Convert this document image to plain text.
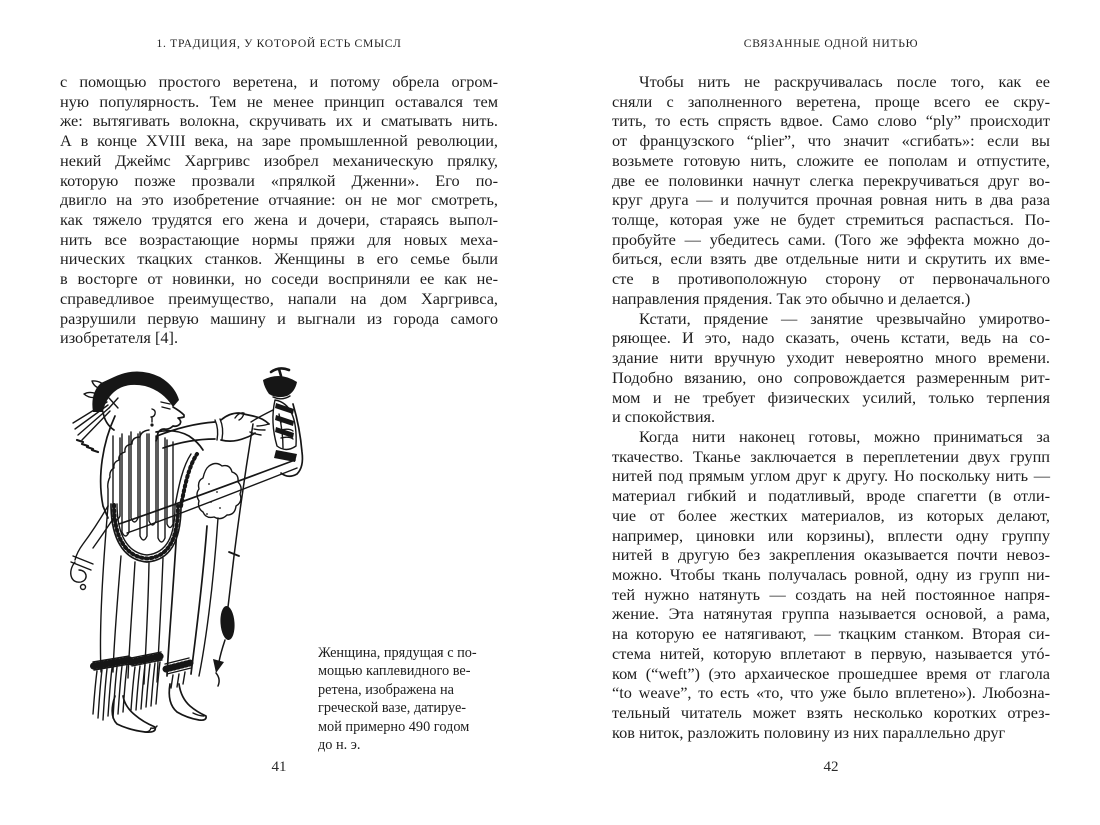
1. ТРАДИЦИЯ, У КОТОРОЙ ЕСТЬ СМЫСЛ
с помощью простого веретена, и потому обрела огром-
ную популярность. Тем не менее принцип оставался тем
же: вытягивать волокна, скручивать их и сматывать нить.
А в конце XVIII века, на заре промышленной революции,
некий Джеймс Харгривс изобрел механическую прялку,
которую позже прозвали «прялкой Дженни». Его по-
двигло на это изобретение отчаяние: он не мог смотреть,
как тяжело трудятся его жена и дочери, стараясь выпол-
нить все возрастающие нормы пряжи для новых меха-
нических ткацких станков. Женщины в его семье были
в восторге от новинки, но соседи восприняли ее как не-
справедливое преимущество, напали на дом Харгривса,
разрушили первую машину и выгнали из города самого
изобретателя [4].
Женщина, прядущая с по-
мощью каплевидного ве-
ретена, изображена на
греческой вазе, датируе-
мой примерно 490 годом
до н. э.
41
СВЯЗАННЫЕ ОДНОЙ НИТЬЮ
Чтобы нить не раскручивалась после того, как ее
сняли с заполненного веретена, проще всего ее скру-
тить, то есть спрясть вдвое. Само слово “ply” происходит
от французского “plier”, что значит «сгибать»: если вы
возьмете готовую нить, сложите ее пополам и отпустите,
две ее половинки начнут слегка перекручиваться друг во-
круг друга — и получится прочная ровная нить в два раза
толще, которая уже не будет стремиться распасться. По-
пробуйте — убедитесь сами. (Того же эффекта можно до-
биться, если взять две отдельные нити и скрутить их вме-
сте в противоположную сторону от первоначального
направления прядения. Так это обычно и делается.)
Кстати, прядение — занятие чрезвычайно умиротво-
ряющее. И это, надо сказать, очень кстати, ведь на со-
здание нити вручную уходит невероятно много времени.
Подобно вязанию, оно сопровождается размеренным рит-
мом и не требует физических усилий, только терпения
и спокойствия.
Когда нити наконец готовы, можно приниматься за
ткачество. Тканье заключается в переплетении двух групп
нитей под прямым углом друг к другу. Но поскольку нить —
материал гибкий и податливый, вроде спагетти (в отли-
чие от более жестких материалов, из которых делают,
например, циновки или корзины), вплести одну группу
нитей в другую без закрепления оказывается почти невоз-
можно. Чтобы ткань получалась ровной, одну из групп ни-
тей нужно натянуть — создать на ней постоянное напря-
жение. Эта натянутая группа называется основой, а рама,
на которую ее натягивают, — ткацким станком. Вторая си-
стема нитей, которую вплетают в первую, называется утó-
ком (“weft”) (это архаическое прошедшее время от глагола
“to weave”, то есть «то, что уже было вплетено»). Любозна-
тельный читатель может взять несколько коротких отрез-
ков ниток, разложить половину из них параллельно друг
42
